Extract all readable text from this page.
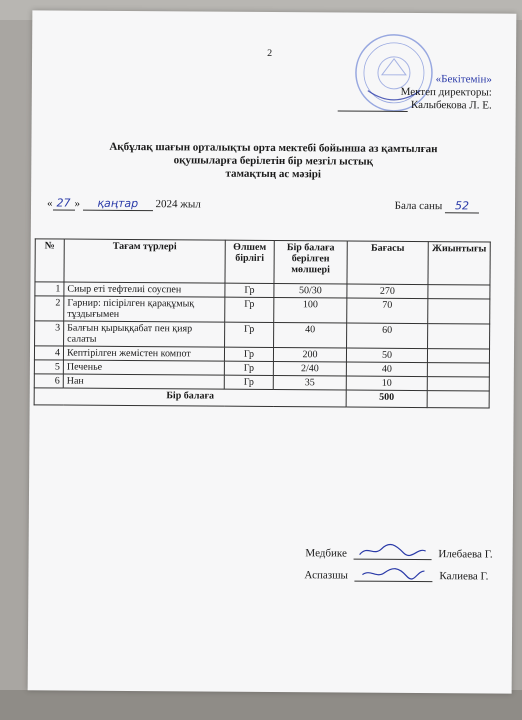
2
«Бекітемін»
Мектеп директоры:
Калыбекова Л. Е.
Ақбұлақ шағын орталықты орта мектебі бойынша аз қамтылған
оқушыларға берілетін бір мезгіл ыстық
тамақтың ас мәзірі
« 27 » қаңтар 2024 жыл	Бала саны 52
№	Тағам түрлері	Өлшем бірлігі	Бір балаға берілген мөлшері	Бағасы	Жиынтығы
1	Сиыр еті тефтелиі соуспен	Гр	50/30	270	
2	Гарнир: пісірілген қарақұмық тұздығымен	Гр	100	70	
3	Балғын қырыққабат пен қияр салаты	Гр	40	60	
4	Кептірілген жемістен компот	Гр	200	50	
5	Печенье	Гр	2/40	40	
6	Нан	Гр	35	10	
Бір балаға				500	
Медбике	Илебаева Г.
Аспазшы	Калиева Г.
